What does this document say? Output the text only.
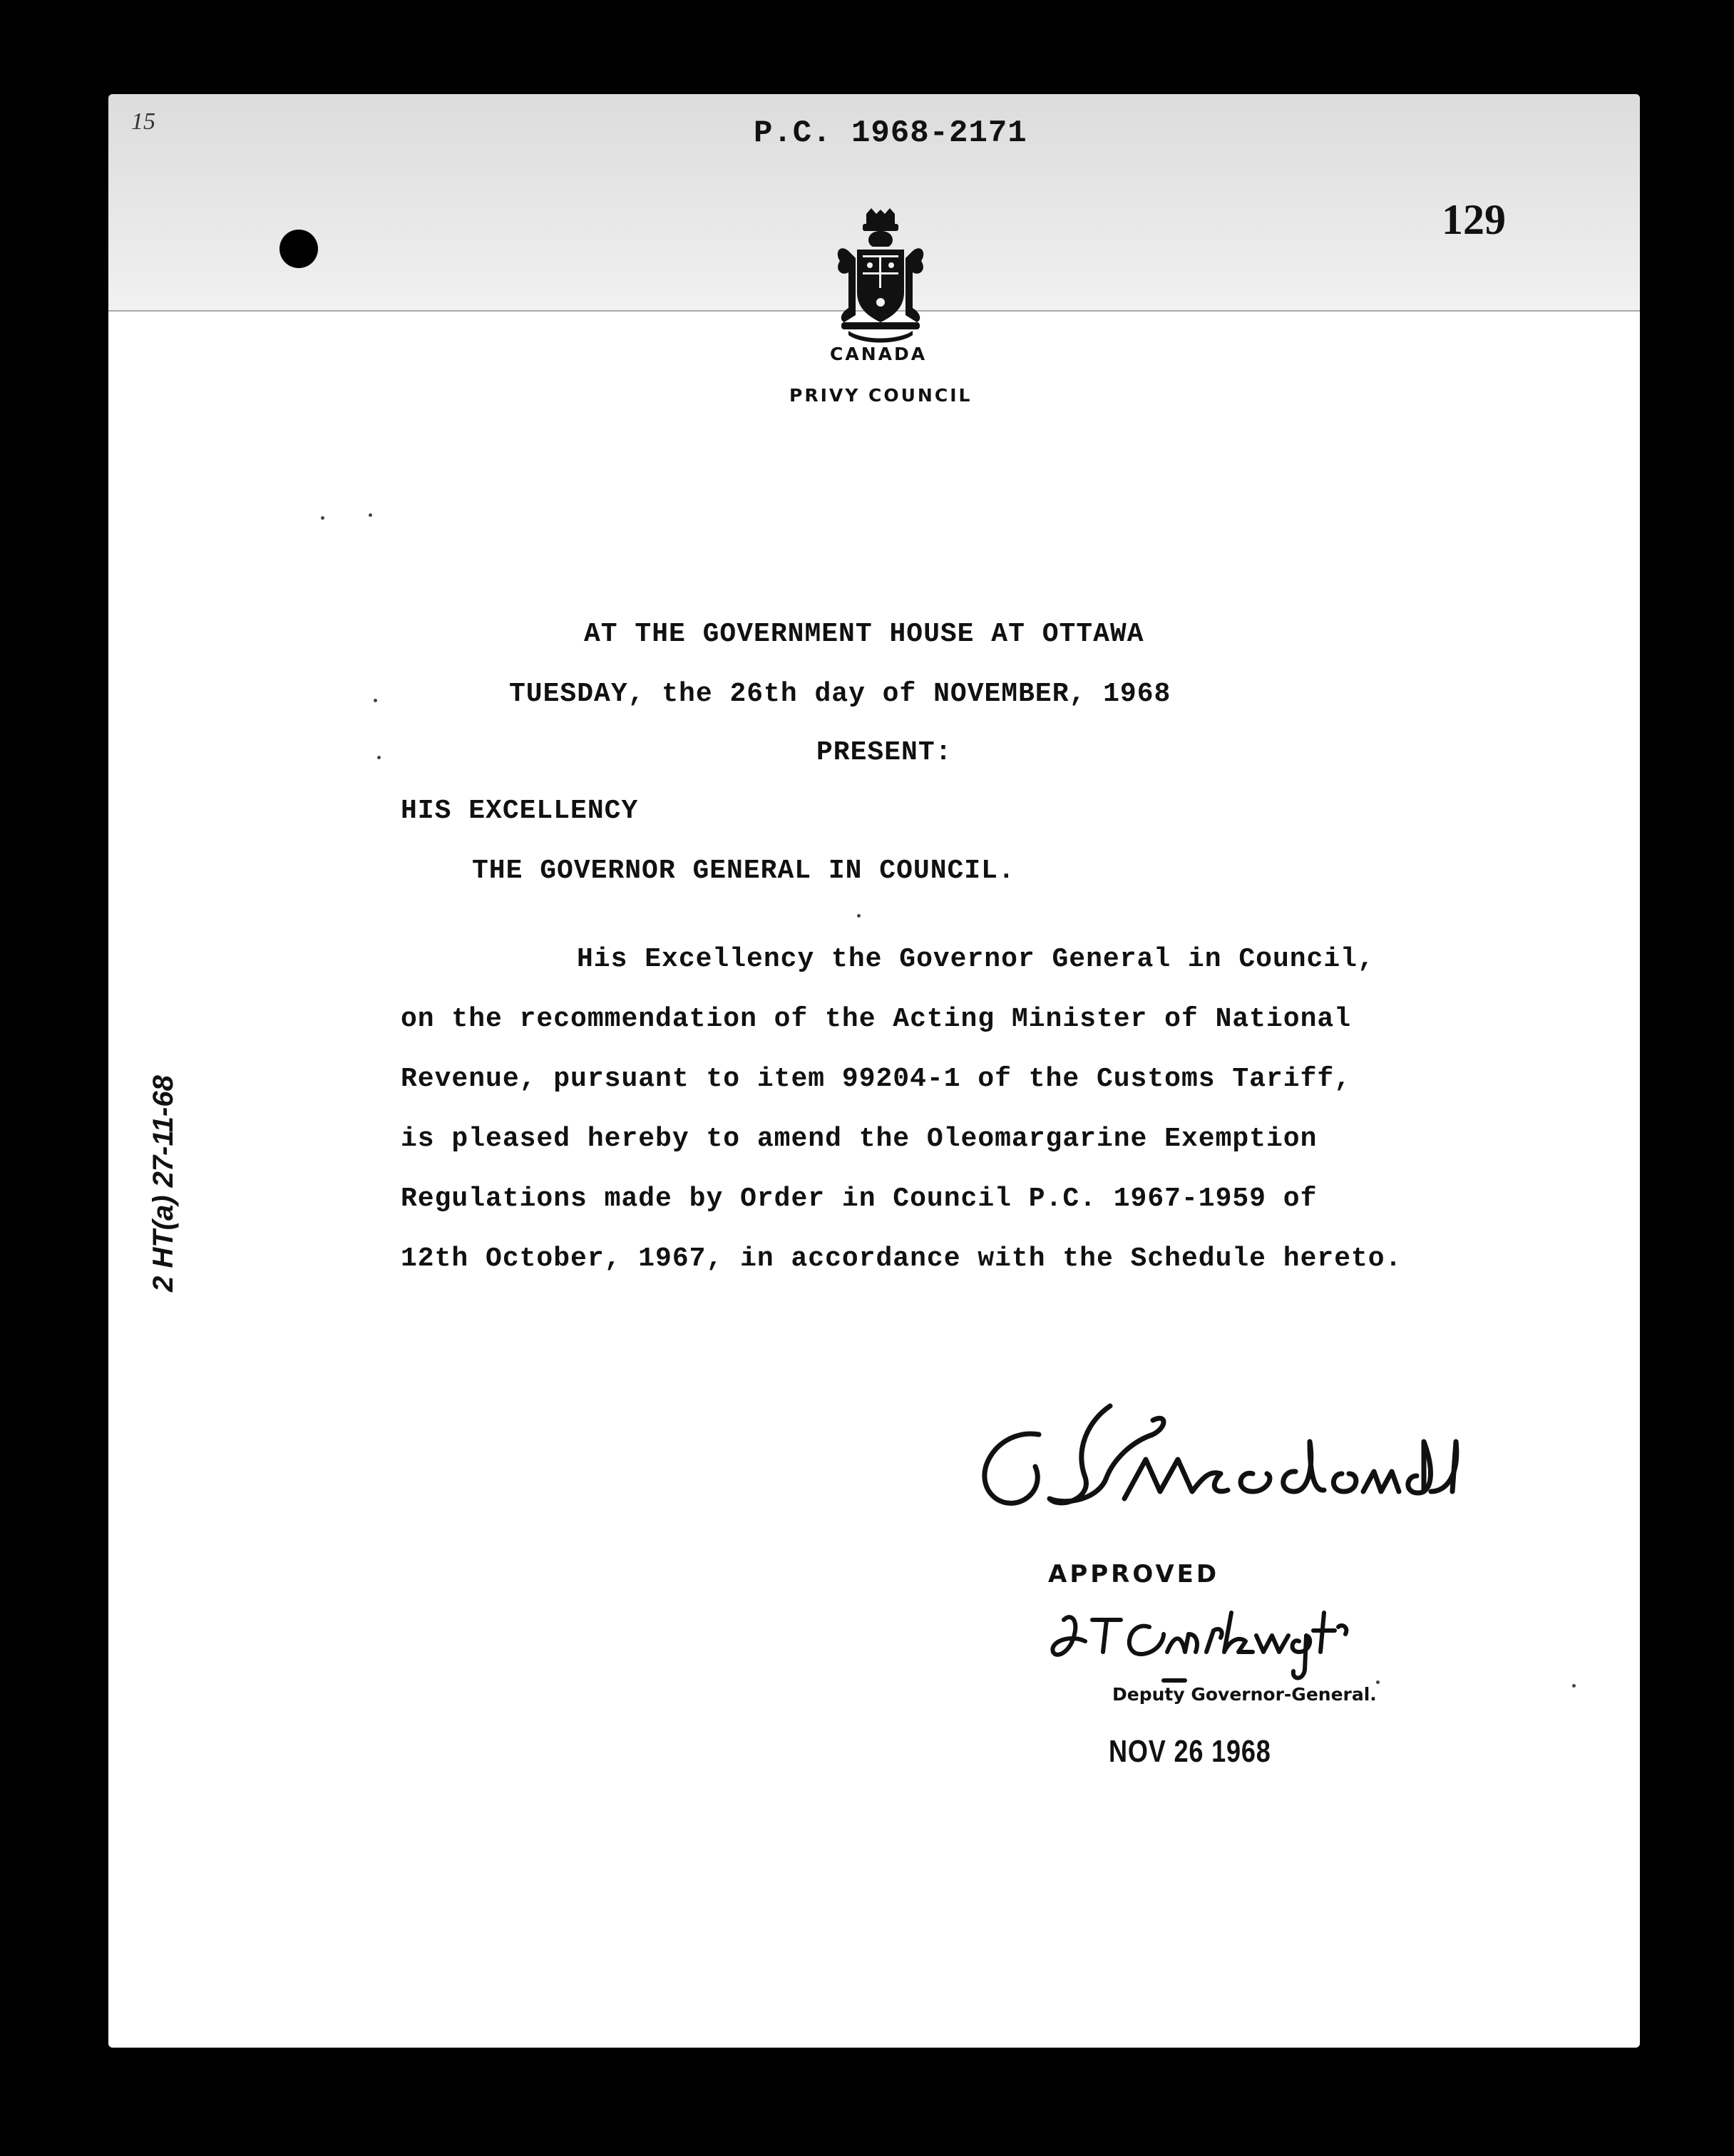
15	P.C. 1968-2171
129
CANADA
PRIVY COUNCIL
AT THE GOVERNMENT HOUSE AT OTTAWA
TUESDAY, the 26th day of NOVEMBER, 1968
PRESENT:
HIS EXCELLENCY
THE GOVERNOR GENERAL IN COUNCIL.
His Excellency the Governor General in Council,
on the recommendation of the Acting Minister of National
Revenue, pursuant to item 99204-1 of the Customs Tariff,
is pleased hereby to amend the Oleomargarine Exemption
Regulations made by Order in Council P.C. 1967-1959 of
12th October, 1967, in accordance with the Schedule hereto.
APPROVED
Deputy Governor-General.
NOV 26 1968
2 HT(a) 27-11-68
